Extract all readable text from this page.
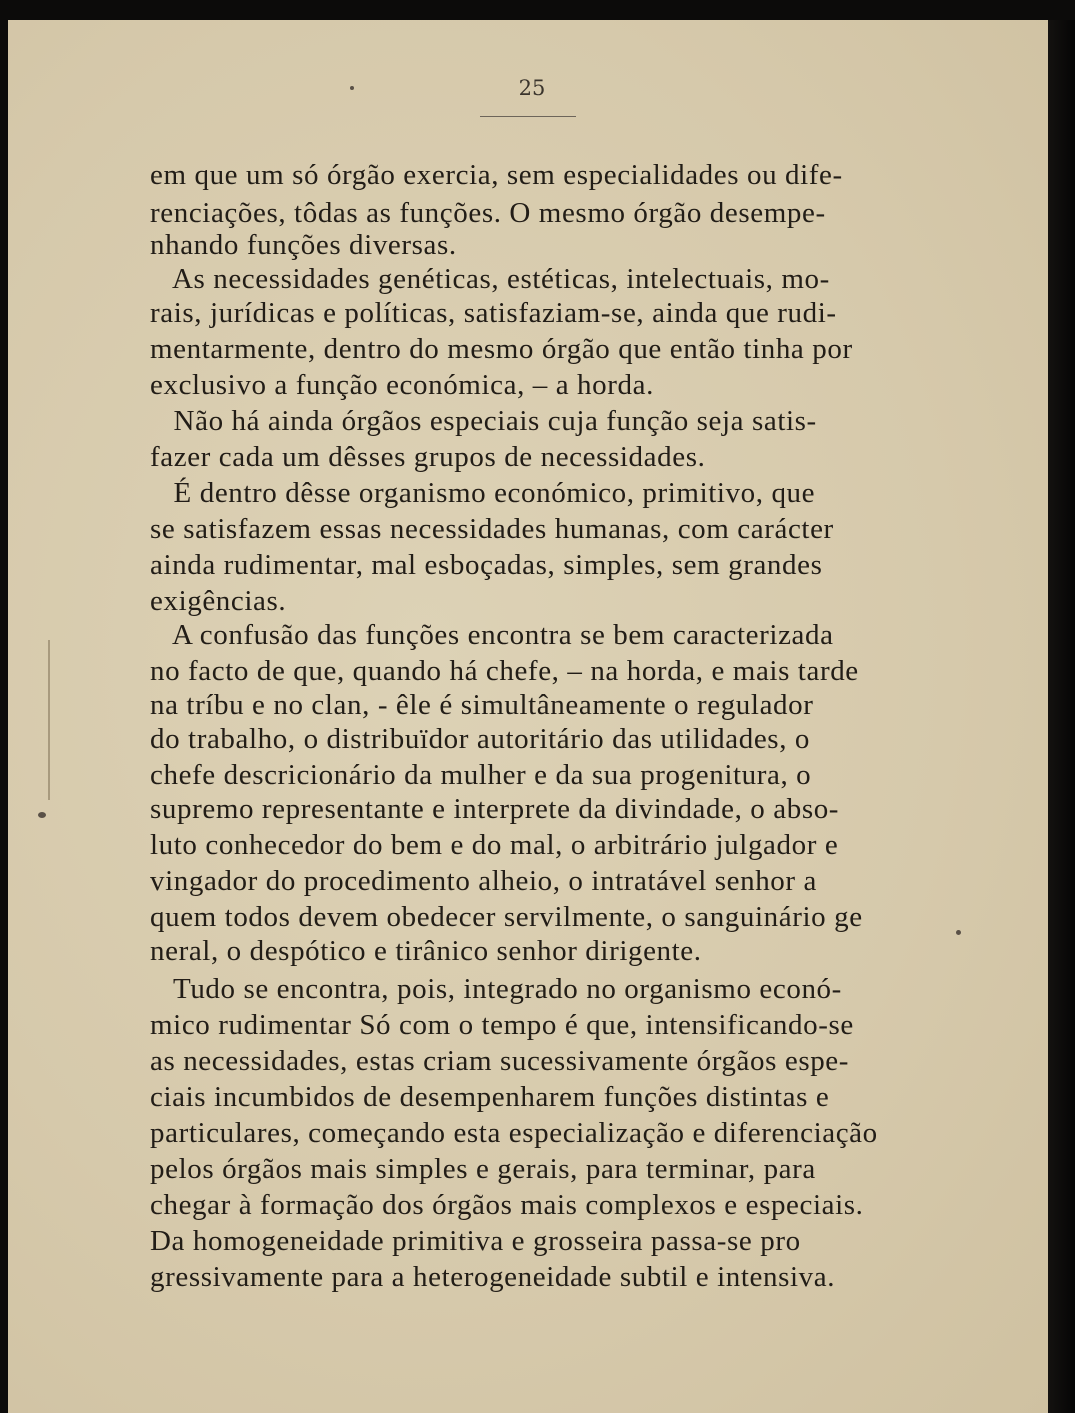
25
em que um só órgão exercia, sem especialidades ou dife-
renciações, tôdas as funções. O mesmo órgão desempe-
nhando funções diversas.
As necessidades genéticas, estéticas, intelectuais, mo-
rais, jurídicas e políticas, satisfaziam-se, ainda que rudi-
mentarmente, dentro do mesmo órgão que então tinha por
exclusivo a função económica, – a horda.
Não há ainda órgãos especiais cuja função seja satis-
fazer cada um dêsses grupos de necessidades.
É dentro dêsse organismo económico, primitivo, que
se satisfazem essas necessidades humanas, com carácter
ainda rudimentar, mal esboçadas, simples, sem grandes
exigências.
A confusão das funções encontra se bem caracterizada
no facto de que, quando há chefe, – na horda, e mais tarde
na tríbu e no clan, - êle é simultâneamente o regulador
do trabalho, o distribuïdor autoritário das utilidades, o
chefe descricionário da mulher e da sua progenitura, o
supremo representante e interprete da divindade, o abso-
luto conhecedor do bem e do mal, o arbitrário julgador e
vingador do procedimento alheio, o intratável senhor a
quem todos devem obedecer servilmente, o sanguinário ge
neral, o despótico e tirânico senhor dirigente.
Tudo se encontra, pois, integrado no organismo econó-
mico rudimentar Só com o tempo é que, intensificando-se
as necessidades, estas criam sucessivamente órgãos espe-
ciais incumbidos de desempenharem funções distintas e
particulares, começando esta especialização e diferenciação
pelos órgãos mais simples e gerais, para terminar, para
chegar à formação dos órgãos mais complexos e especiais.
Da homogeneidade primitiva e grosseira passa-se pro
gressivamente para a heterogeneidade subtil e intensiva.
